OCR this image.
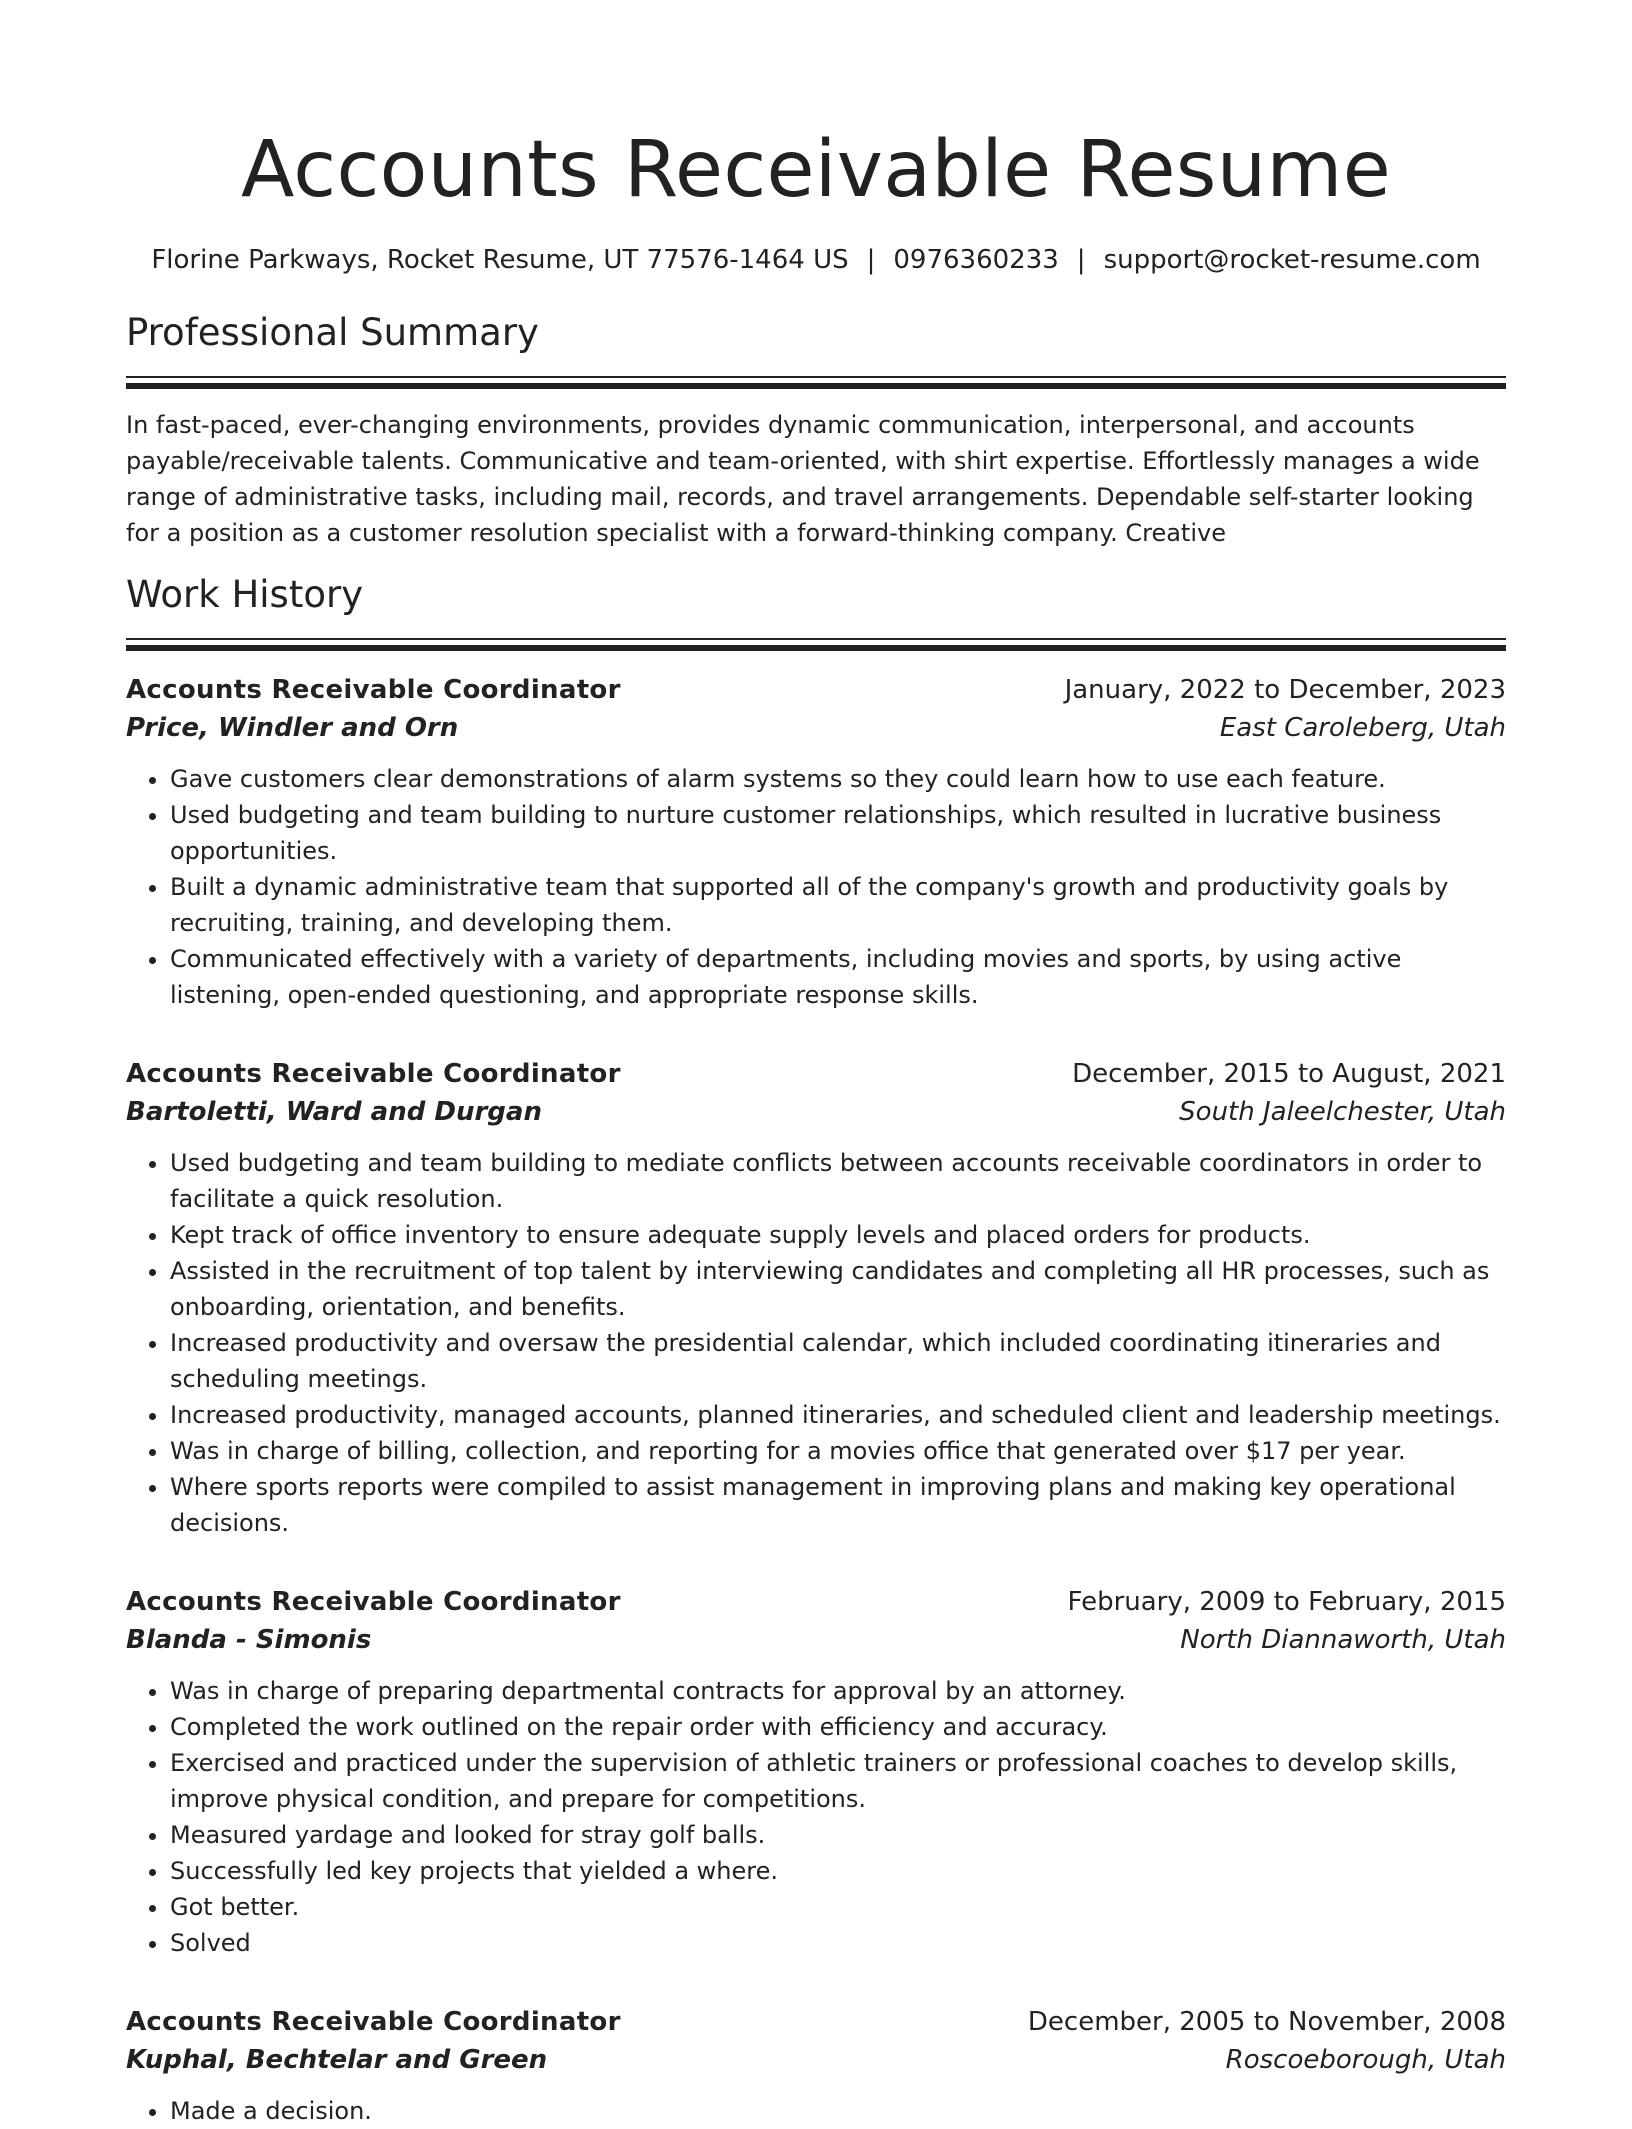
Accounts Receivable Resume
Florine Parkways, Rocket Resume, UT 77576-1464 US | 0976360233 | support@rocket-resume.com
Professional Summary

In fast-paced, ever-changing environments, provides dynamic communication, interpersonal, and accounts payable/receivable talents. Communicative and team-oriented, with shirt expertise. Effortlessly manages a wide range of administrative tasks, including mail, records, and travel arrangements. Dependable self-starter looking for a position as a customer resolution specialist with a forward-thinking company. Creative

Work History
Accounts Receivable Coordinator	January, 2022 to December, 2023
Price, Windler and Orn	East Caroleberg, Utah
• Gave customers clear demonstrations of alarm systems so they could learn how to use each feature.
• Used budgeting and team building to nurture customer relationships, which resulted in lucrative business opportunities.
• Built a dynamic administrative team that supported all of the company's growth and productivity goals by recruiting, training, and developing them.
• Communicated effectively with a variety of departments, including movies and sports, by using active listening, open-ended questioning, and appropriate response skills.
Accounts Receivable Coordinator	December, 2015 to August, 2021
Bartoletti, Ward and Durgan	South Jaleelchester, Utah
• Used budgeting and team building to mediate conflicts between accounts receivable coordinators in order to facilitate a quick resolution.
• Kept track of office inventory to ensure adequate supply levels and placed orders for products.
• Assisted in the recruitment of top talent by interviewing candidates and completing all HR processes, such as onboarding, orientation, and benefits.
• Increased productivity and oversaw the presidential calendar, which included coordinating itineraries and scheduling meetings.
• Increased productivity, managed accounts, planned itineraries, and scheduled client and leadership meetings.
• Was in charge of billing, collection, and reporting for a movies office that generated over $17 per year.
• Where sports reports were compiled to assist management in improving plans and making key operational decisions.
Accounts Receivable Coordinator	February, 2009 to February, 2015
Blanda - Simonis	North Diannaworth, Utah
• Was in charge of preparing departmental contracts for approval by an attorney.
• Completed the work outlined on the repair order with efficiency and accuracy.
• Exercised and practiced under the supervision of athletic trainers or professional coaches to develop skills, improve physical condition, and prepare for competitions.
• Measured yardage and looked for stray golf balls.
• Successfully led key projects that yielded a where.
• Got better.
• Solved
Accounts Receivable Coordinator	December, 2005 to November, 2008
Kuphal, Bechtelar and Green	Roscoeborough, Utah
• Made a decision.
